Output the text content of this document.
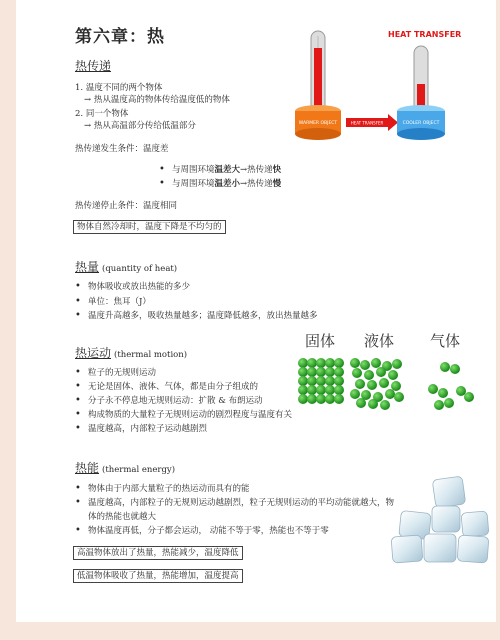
第六章：热
热传递
1. 温度不同的两个物体
→ 热从温度高的物体传给温度低的物体
2. 同一个物体
→ 热从高温部分传给低温部分
热传递发生条件：温度差
与周围环境温差大→热传递快
与周围环境温差小→热传递慢
热传递停止条件：温度相同
物体自然冷却时，温度下降是不均匀的
HEAT TRANSFER
WARMER OBJECT	HEAT TRANSFER	COOLER OBJECT
热量 (quantity of heat)
• 物体吸收或放出热能的多少
• 单位：焦耳（J）
• 温度升高越多，吸收热量越多；温度降低越多，放出热量越多
热运动 (thermal motion)
• 粒子的无规则运动
• 无论是固体、液体、气体，都是由分子组成的
• 分子永不停息地无规则运动：扩散 & 布朗运动
• 构成物质的大量粒子无规则运动的剧烈程度与温度有关
• 温度越高，内部粒子运动越剧烈
固体 液体 气体
热能 (thermal energy)
• 物体由于内部大量粒子的热运动而具有的能
• 温度越高，内部粒子的无规则运动越剧烈，粒子无规则运动的平均动能就越大，物
体的热能也就越大
• 物体温度再低，分子都会运动， 动能不等于零，热能也不等于零
高温物体放出了热量，热能减少，温度降低
低温物体吸收了热量，热能增加，温度提高
